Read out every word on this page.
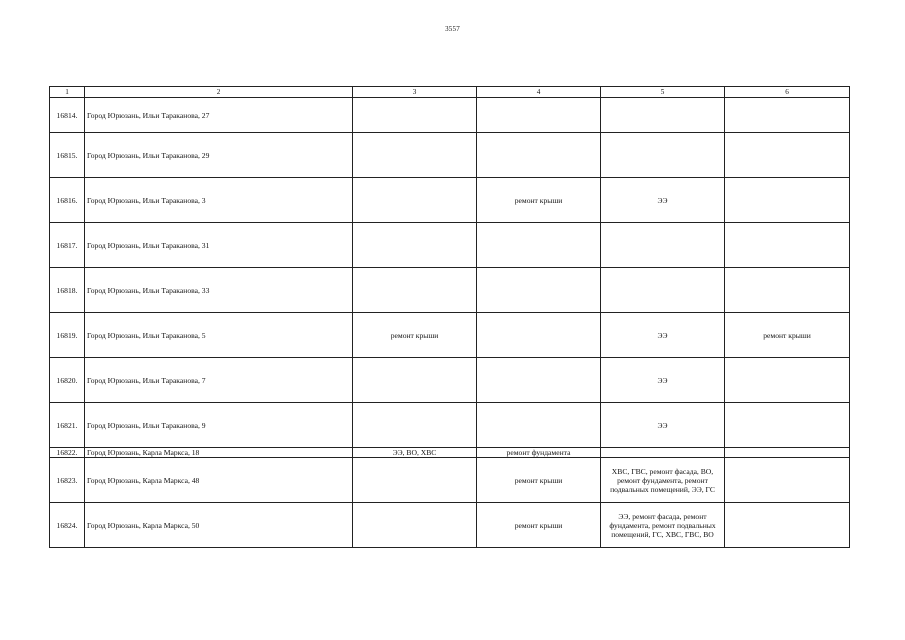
3557
1	2	3	4	5	6
16814.	Город Юрюзань, Ильи Тараканова, 27				
16815.	Город Юрюзань, Ильи Тараканова, 29				
16816.	Город Юрюзань, Ильи Тараканова, 3		ремонт крыши	ЭЭ	
16817.	Город Юрюзань, Ильи Тараканова, 31				
16818.	Город Юрюзань, Ильи Тараканова, 33				
16819.	Город Юрюзань, Ильи Тараканова, 5	ремонт крыши		ЭЭ	ремонт крыши
16820.	Город Юрюзань, Ильи Тараканова, 7			ЭЭ	
16821.	Город Юрюзань, Ильи Тараканова, 9			ЭЭ	
16822.	Город Юрюзань, Карла Маркса, 18	ЭЭ, ВО, ХВС	ремонт фундамента		
16823.	Город Юрюзань, Карла Маркса, 48		ремонт крыши	ХВС, ГВС, ремонт фасада, ВО, ремонт фундамента, ремонт подвальных помещений, ЭЭ, ГС	
16824.	Город Юрюзань, Карла Маркса, 50		ремонт крыши	ЭЭ, ремонт фасада, ремонт фундамента, ремонт подвальных помещений, ГС, ХВС, ГВС, ВО	
